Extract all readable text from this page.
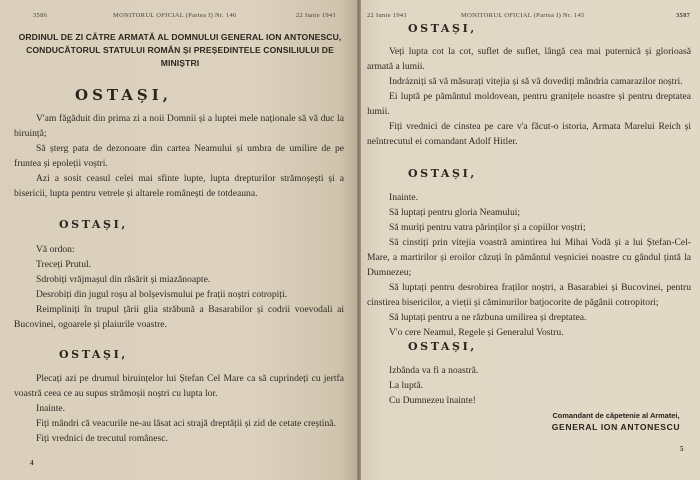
3586	MONITORUL OFICIAL (Partea I) Nr. 146	22 Iunie 1941
ORDINUL DE ZI CĂTRE ARMATĂ AL DOMNULUI GENERAL ION ANTONESCU,
CONDUCĂTORUL STATULUI ROMÂN ȘI PREȘEDINTELE CONSILIULUI DE MINIȘTRI
OSTAȘI,

V'am făgăduit din prima zi a noii Domnii și a luptei mele naționale să vă duc la biruință;

Să șterg pata de dezonoare din cartea Neamului și umbra de umilire de pe fruntea și epoleții voștri.

Azi a sosit ceasul celei mai sfinte lupte, lupta drepturilor strămoșești și a bisericii, lupta pentru vetrele și altarele românești de totdeauna.

OSTAȘI,

Vă ordon:

Treceți Prutul.

Sdrobiți vrăjmașul din răsărit și miazănoapte.

Desrobiți din jugul roșu al bolșevismului pe frații noștri cotropiți.

Reimpliniți în trupul țării glia străbună a Basarabilor și codrii voevodali ai Bucovinei, ogoarele și plaiurile voastre.

OSTAȘI,

Plecați azi pe drumul biruințelor lui Ștefan Cel Mare ca să cuprindeți cu jertfa voastră ceea ce au supus strămoșii noștri cu lupta lor.

Inainte.

Fiți mândri că veacurile ne-au lăsat aci strajă dreptății și zid de cetate creștină.

Fiți vrednici de trecutul românesc.

4
22 Iunie 1941	MONITORUL OFICIAL (Partea I) Nr. 145	3587
OSTAȘI,

Veți lupta cot la cot, suflet de suflet, lângă cea mai puternică și glorioasă armată a lumii.

Indrázniți să vă măsurați vitejia și să vă dovediți mândria camarazilor noștri.

Ei luptă pe pământul moldovean, pentru granițele noastre și pentru dreptatea lumii.

Fiți vrednici de cinstea pe care v'a făcut-o istoria, Armata Marelui Reich și neîntrecutul ei comandant Adolf Hitler.

OSTAȘI,

Inainte.

Să luptați pentru gloria Neamului;

Să muriți pentru vatra părinților și a copiilor voștri;

Să cinstiți prin vitejia voastră amintirea lui Mihai Vodă și a lui Ștefan-Cel-Mare, a martirilor și eroilor căzuți în pământul veșniciei noastre cu gândul țintă la Dumnezeu;

Să luptați pentru desrobirea fraților noștri, a Basarabiei și Bucovinei, pentru cinstirea bisericilor, a vieții și căminurilor batjocorite de păgânii cotropitori;

Să luptați pentru a ne răzbuna umilirea și dreptatea.

V'o cere Neamul, Regele și Generalul Vostru.

OSTAȘI,

Izbânda va fi a noastră.

La luptă.

Cu Dumnezeu înainte!

5
Comandant de căpetenie al Armatei,
GENERAL ION ANTONESCU
